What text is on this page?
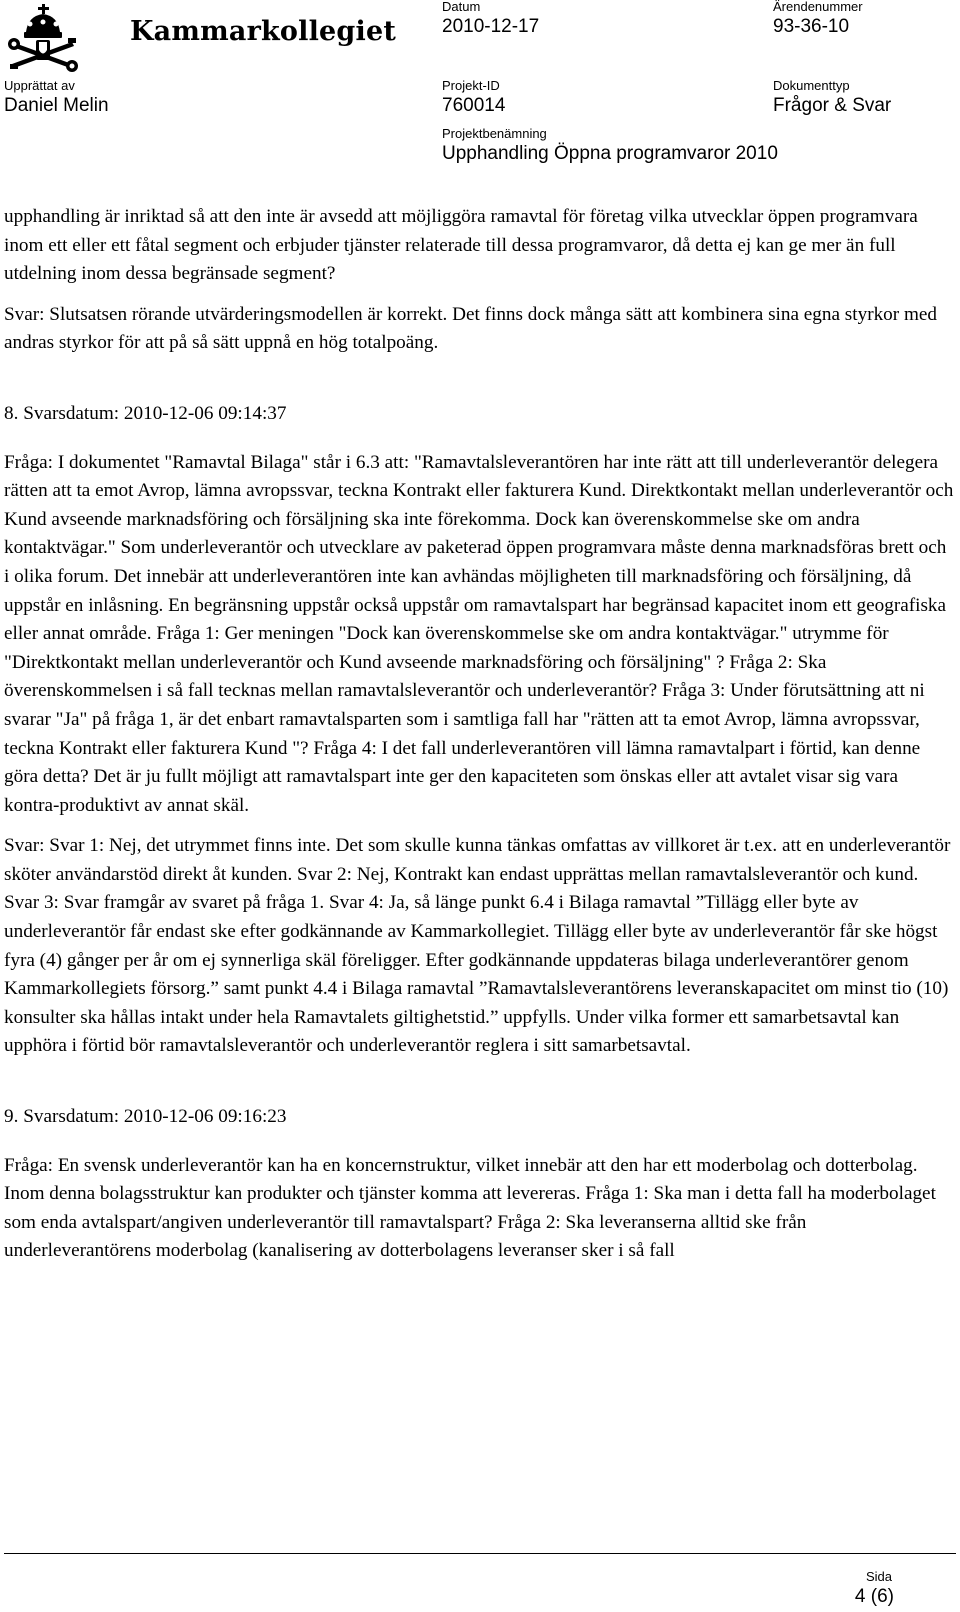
Kammarkollegiet
Datum
2010-12-17
Ärendenummer
93-36-10
Upprättat av
Daniel Melin
Projekt-ID
760014
Dokumenttyp
Frågor & Svar
Projektbenämning
Upphandling Öppna programvaror 2010

upphandling är inriktad så att den inte är avsedd att möjliggöra ramavtal för företag vilka utvecklar öppen programvara inom ett eller ett fåtal segment och erbjuder tjänster relaterade till dessa programvaror, då detta ej kan ge mer än full utdelning inom dessa begränsade segment?

Svar: Slutsatsen rörande utvärderingsmodellen är korrekt. Det finns dock många sätt att kombinera sina egna styrkor med andras styrkor för att på så sätt uppnå en hög totalpoäng.

8. Svarsdatum: 2010-12-06 09:14:37

Fråga: I dokumentet "Ramavtal Bilaga" står i 6.3 att: "Ramavtalsleverantören har inte rätt att till underleverantör delegera rätten att ta emot Avrop, lämna avropssvar, teckna Kontrakt eller fakturera Kund. Direktkontakt mellan underleverantör och Kund avseende marknadsföring och försäljning ska inte förekomma. Dock kan överenskommelse ske om andra kontaktvägar." Som underleverantör och utvecklare av paketerad öppen programvara måste denna marknadsföras brett och i olika forum. Det innebär att underleverantören inte kan avhändas möjligheten till marknadsföring och försäljning, då uppstår en inlåsning. En begränsning uppstår också uppstår om ramavtalspart har begränsad kapacitet inom ett geografiska eller annat område. Fråga 1: Ger meningen "Dock kan överenskommelse ske om andra kontaktvägar." utrymme för "Direktkontakt mellan underleverantör och Kund avseende marknadsföring och försäljning" ? Fråga 2: Ska överenskommelsen i så fall tecknas mellan ramavtalsleverantör och underleverantör? Fråga 3: Under förutsättning att ni svarar "Ja" på fråga 1, är det enbart ramavtalsparten som i samtliga fall har "rätten att ta emot Avrop, lämna avropssvar, teckna Kontrakt eller fakturera Kund "? Fråga 4: I det fall underleverantören vill lämna ramavtalpart i förtid, kan denne göra detta? Det är ju fullt möjligt att ramavtalspart inte ger den kapaciteten som önskas eller att avtalet visar sig vara kontra-produktivt av annat skäl.

Svar: Svar 1: Nej, det utrymmet finns inte. Det som skulle kunna tänkas omfattas av villkoret är t.ex. att en underleverantör sköter användarstöd direkt åt kunden. Svar 2: Nej, Kontrakt kan endast upprättas mellan ramavtalsleverantör och kund. Svar 3: Svar framgår av svaret på fråga 1. Svar 4: Ja, så länge punkt 6.4 i Bilaga ramavtal ”Tillägg eller byte av underleverantör får endast ske efter godkännande av Kammarkollegiet. Tillägg eller byte av underleverantör får ske högst fyra (4) gånger per år om ej synnerliga skäl föreligger. Efter godkännande uppdateras bilaga underleverantörer genom Kammarkollegiets försorg.” samt punkt 4.4 i Bilaga ramavtal ”Ramavtalsleverantörens leveranskapacitet om minst tio (10) konsulter ska hållas intakt under hela Ramavtalets giltighetstid.” uppfylls. Under vilka former ett samarbetsavtal kan upphöra i förtid bör ramavtalsleverantör och underleverantör reglera i sitt samarbetsavtal.

9. Svarsdatum: 2010-12-06 09:16:23

Fråga: En svensk underleverantör kan ha en koncernstruktur, vilket innebär att den har ett moderbolag och dotterbolag. Inom denna bolagsstruktur kan produkter och tjänster komma att levereras. Fråga 1: Ska man i detta fall ha moderbolaget som enda avtalspart/angiven underleverantör till ramavtalspart? Fråga 2: Ska leveranserna alltid ske från underleverantörens moderbolag (kanalisering av dotterbolagens leveranser sker i så fall

Sida
4 (6)
